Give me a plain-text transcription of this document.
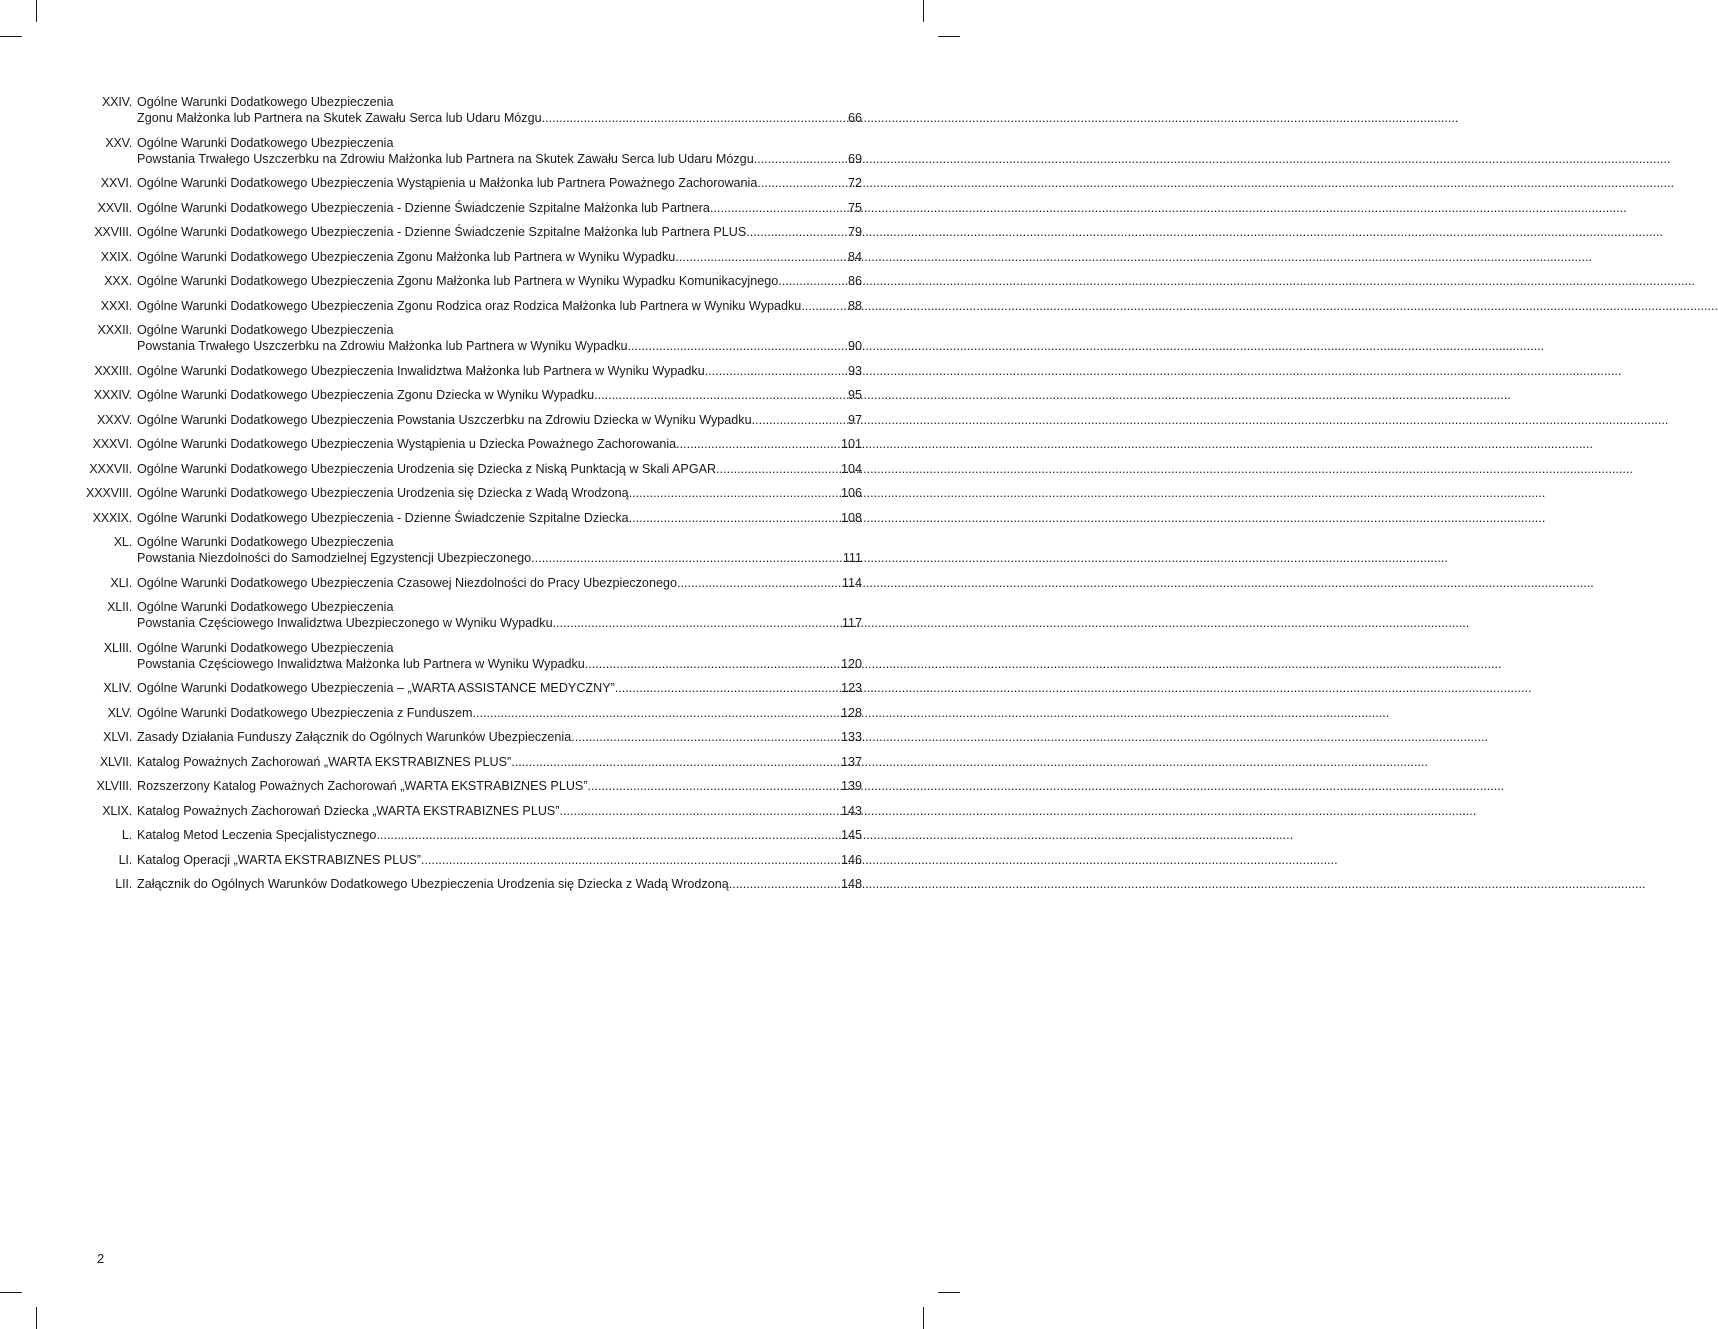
XXIV. Ogólne Warunki Dodatkowego Ubezpieczenia
Zgonu Małżonka lub Partnera na Skutek Zawału Serca lub Udaru Mózgu .....	66
XXV. Ogólne Warunki Dodatkowego Ubezpieczenia
Powstania Trwałego Uszczerbku na Zdrowiu Małżonka lub Partnera na Skutek Zawału Serca lub Udaru Mózgu .....	69
XXVI. Ogólne Warunki Dodatkowego Ubezpieczenia Wystąpienia u Małżonka lub Partnera Poważnego Zachorowania .....	72
XXVII. Ogólne Warunki Dodatkowego Ubezpieczenia - Dzienne Świadczenie Szpitalne Małżonka lub Partnera .....	75
XXVIII. Ogólne Warunki Dodatkowego Ubezpieczenia - Dzienne Świadczenie Szpitalne Małżonka lub Partnera PLUS .....	79
XXIX. Ogólne Warunki Dodatkowego Ubezpieczenia Zgonu Małżonka lub Partnera w Wyniku Wypadku .....	84
XXX. Ogólne Warunki Dodatkowego Ubezpieczenia Zgonu Małżonka lub Partnera w Wyniku Wypadku Komunikacyjnego .....	86
XXXI. Ogólne Warunki Dodatkowego Ubezpieczenia Zgonu Rodzica oraz Rodzica Małżonka lub Partnera w Wyniku Wypadku .....	88
XXXII. Ogólne Warunki Dodatkowego Ubezpieczenia
Powstania Trwałego Uszczerbku na Zdrowiu Małżonka lub Partnera w Wyniku Wypadku .....	90
XXXIII. Ogólne Warunki Dodatkowego Ubezpieczenia Inwalidztwa Małżonka lub Partnera w Wyniku Wypadku .....	93
XXXIV. Ogólne Warunki Dodatkowego Ubezpieczenia Zgonu Dziecka w Wyniku Wypadku .....	95
XXXV. Ogólne Warunki Dodatkowego Ubezpieczenia Powstania Uszczerbku na Zdrowiu Dziecka w Wyniku Wypadku .....	97
XXXVI. Ogólne Warunki Dodatkowego Ubezpieczenia Wystąpienia u Dziecka Poważnego Zachorowania .....	101
XXXVII. Ogólne Warunki Dodatkowego Ubezpieczenia Urodzenia się Dziecka z Niską Punktacją w Skali APGAR .....	104
XXXVIII. Ogólne Warunki Dodatkowego Ubezpieczenia Urodzenia się Dziecka z Wadą Wrodzoną .....	106
XXXIX. Ogólne Warunki Dodatkowego Ubezpieczenia - Dzienne Świadczenie Szpitalne Dziecka .....	108
XL. Ogólne Warunki Dodatkowego Ubezpieczenia
Powstania Niezdolności do Samodzielnej Egzystencji Ubezpieczonego .....	111
XLI. Ogólne Warunki Dodatkowego Ubezpieczenia Czasowej Niezdolności do Pracy Ubezpieczonego .....	114
XLII. Ogólne Warunki Dodatkowego Ubezpieczenia
Powstania Częściowego Inwalidztwa Ubezpieczonego w Wyniku Wypadku .....	117
XLIII. Ogólne Warunki Dodatkowego Ubezpieczenia
Powstania Częściowego Inwalidztwa Małżonka lub Partnera w Wyniku Wypadku .....	120
XLIV. Ogólne Warunki Dodatkowego Ubezpieczenia – „WARTA ASSISTANCE MEDYCZNY” .....	123
XLV. Ogólne Warunki Dodatkowego Ubezpieczenia z Funduszem .....	128
XLVI. Zasady Działania Funduszy Załącznik do Ogólnych Warunków Ubezpieczenia .....	133
XLVII. Katalog Poważnych Zachorowań „WARTA EKSTRABIZNES PLUS” .....	137
XLVIII. Rozszerzony Katalog Poważnych Zachorowań „WARTA EKSTRABIZNES PLUS” .....	139
XLIX. Katalog Poważnych Zachorowań Dziecka „WARTA EKSTRABIZNES PLUS” .....	143
L. Katalog Metod Leczenia Specjalistycznego .....	145
LI. Katalog Operacji „WARTA EKSTRABIZNES PLUS” .....	146
LII. Załącznik do Ogólnych Warunków Dodatkowego Ubezpieczenia Urodzenia się Dziecka z Wadą Wrodzoną .....	148
2
